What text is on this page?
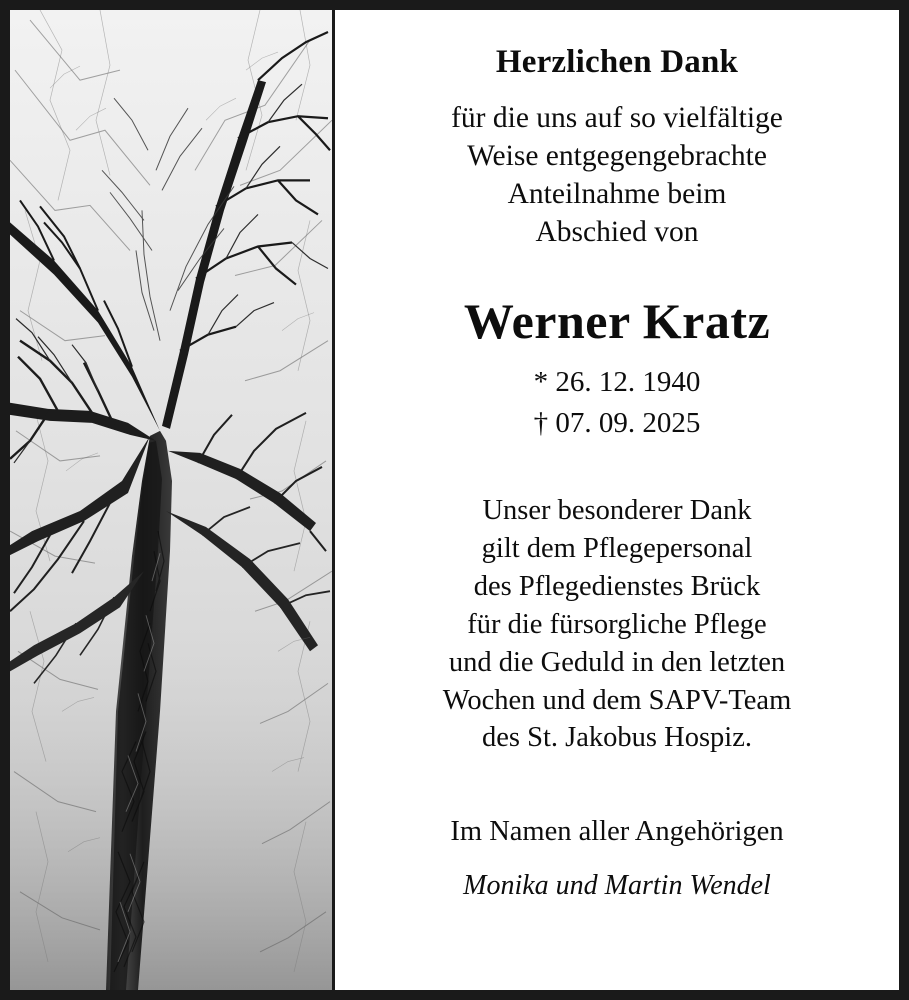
Herzlichen Dank
für die uns auf so vielfältige
Weise entgegengebrachte
Anteilnahme beim
Abschied von
Werner Kratz
* 26. 12. 1940
† 07. 09. 2025
Unser besonderer Dank
gilt dem Pflegepersonal
des Pflegedienstes Brück
für die fürsorgliche Pflege
und die Geduld in den letzten
Wochen und dem SAPV-Team
des St. Jakobus Hospiz.
Im Namen aller Angehörigen
Monika und Martin Wendel
